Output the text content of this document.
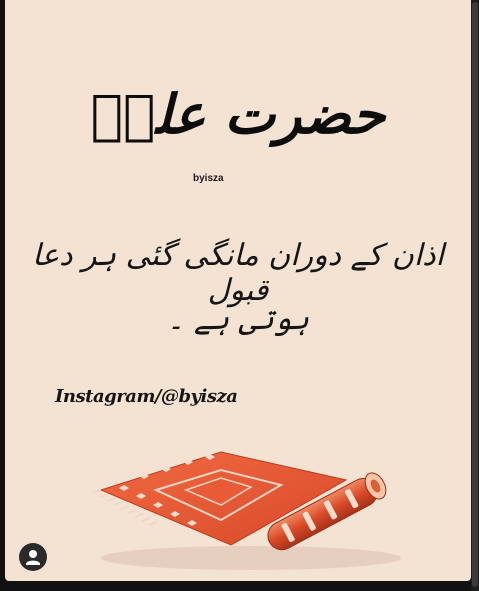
حضرت علیؓ
byisza
اذان کے دوران مانگی گئی ہر دعا قبول
ہوتی ہے ۔
Instagram/@byisza
